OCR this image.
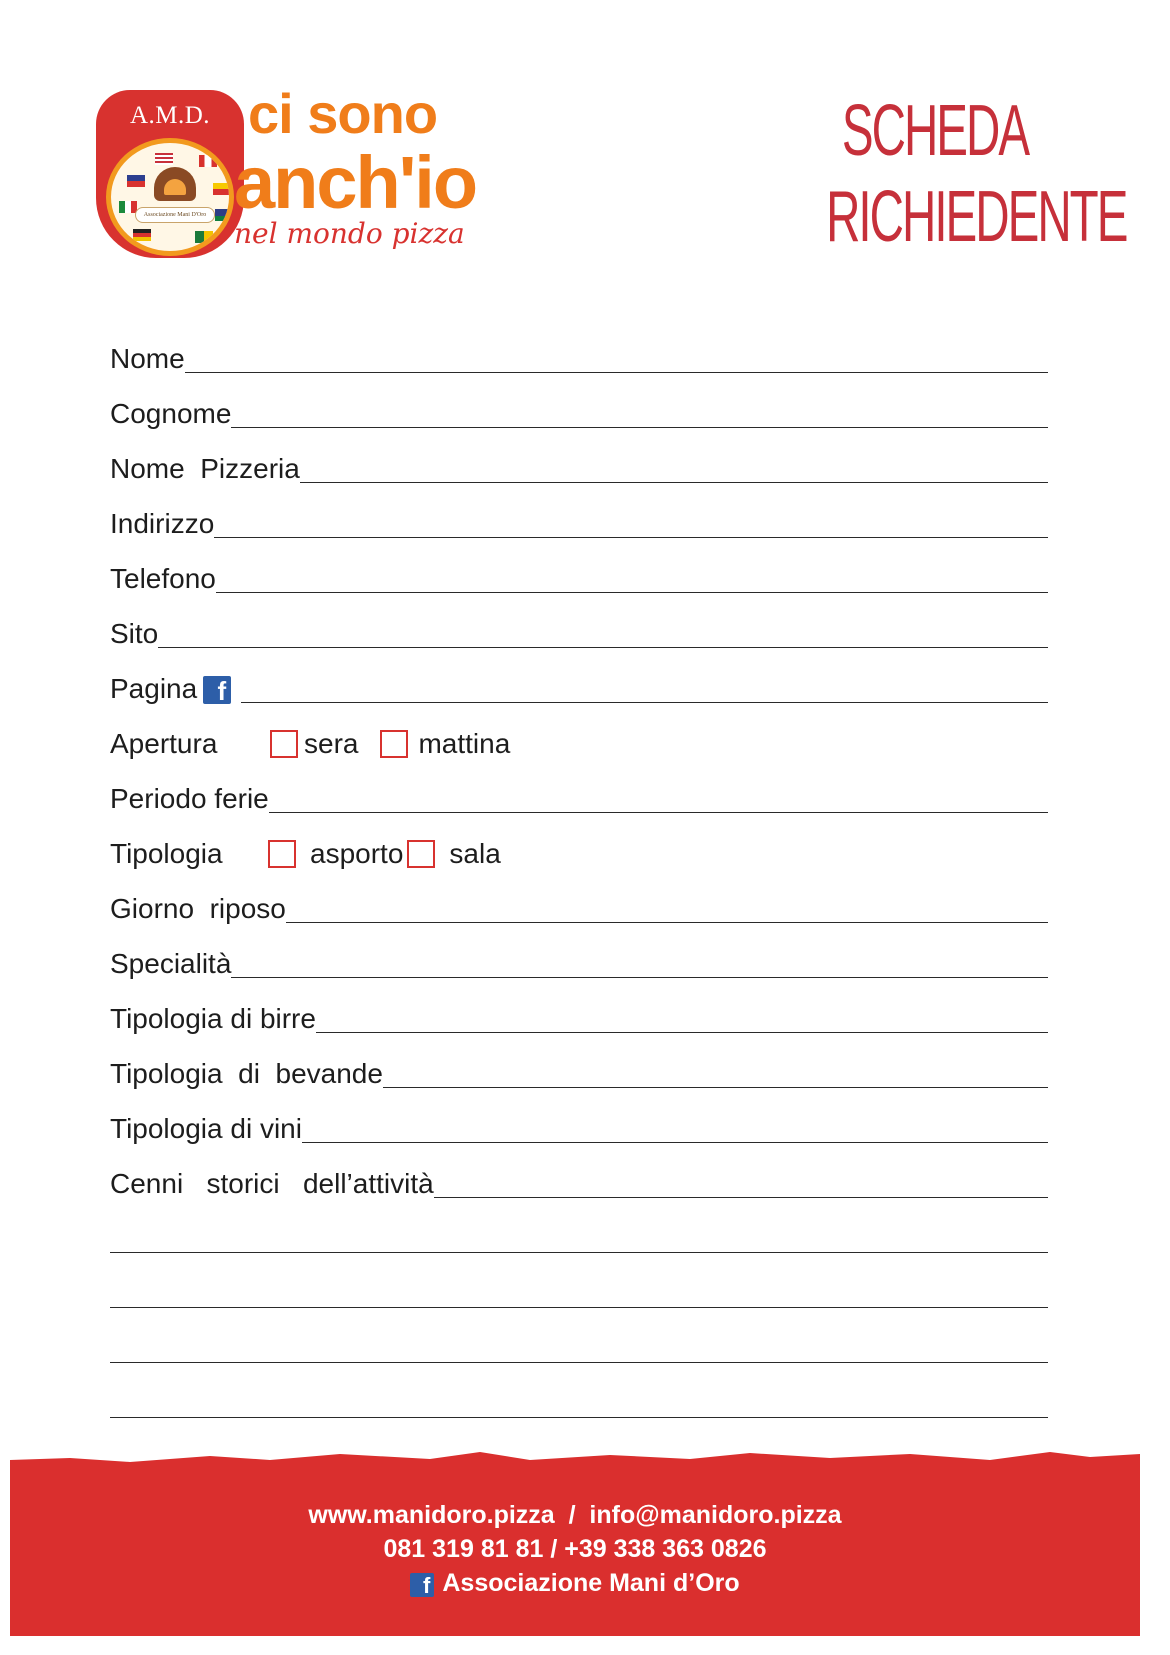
A.M.D.
Associazione Mani D'Oro
ci sono
anch'io
nel mondo pizza
SCHEDA
RICHIEDENTE
Nome
Cognome
Nome  Pizzeria
Indirizzo
Telefono
Sito
Pagina f
Apertura	sera mattina
Periodo ferie
Tipologia	asporto sala
Giorno  riposo
Specialità
Tipologia di birre
Tipologia  di  bevande
Tipologia di vini
Cenni   storici   dell’attività
www.manidoro.pizza  /  info@manidoro.pizza
081 319 81 81 / +39 338 363 0826
f Associazione Mani d’Oro
